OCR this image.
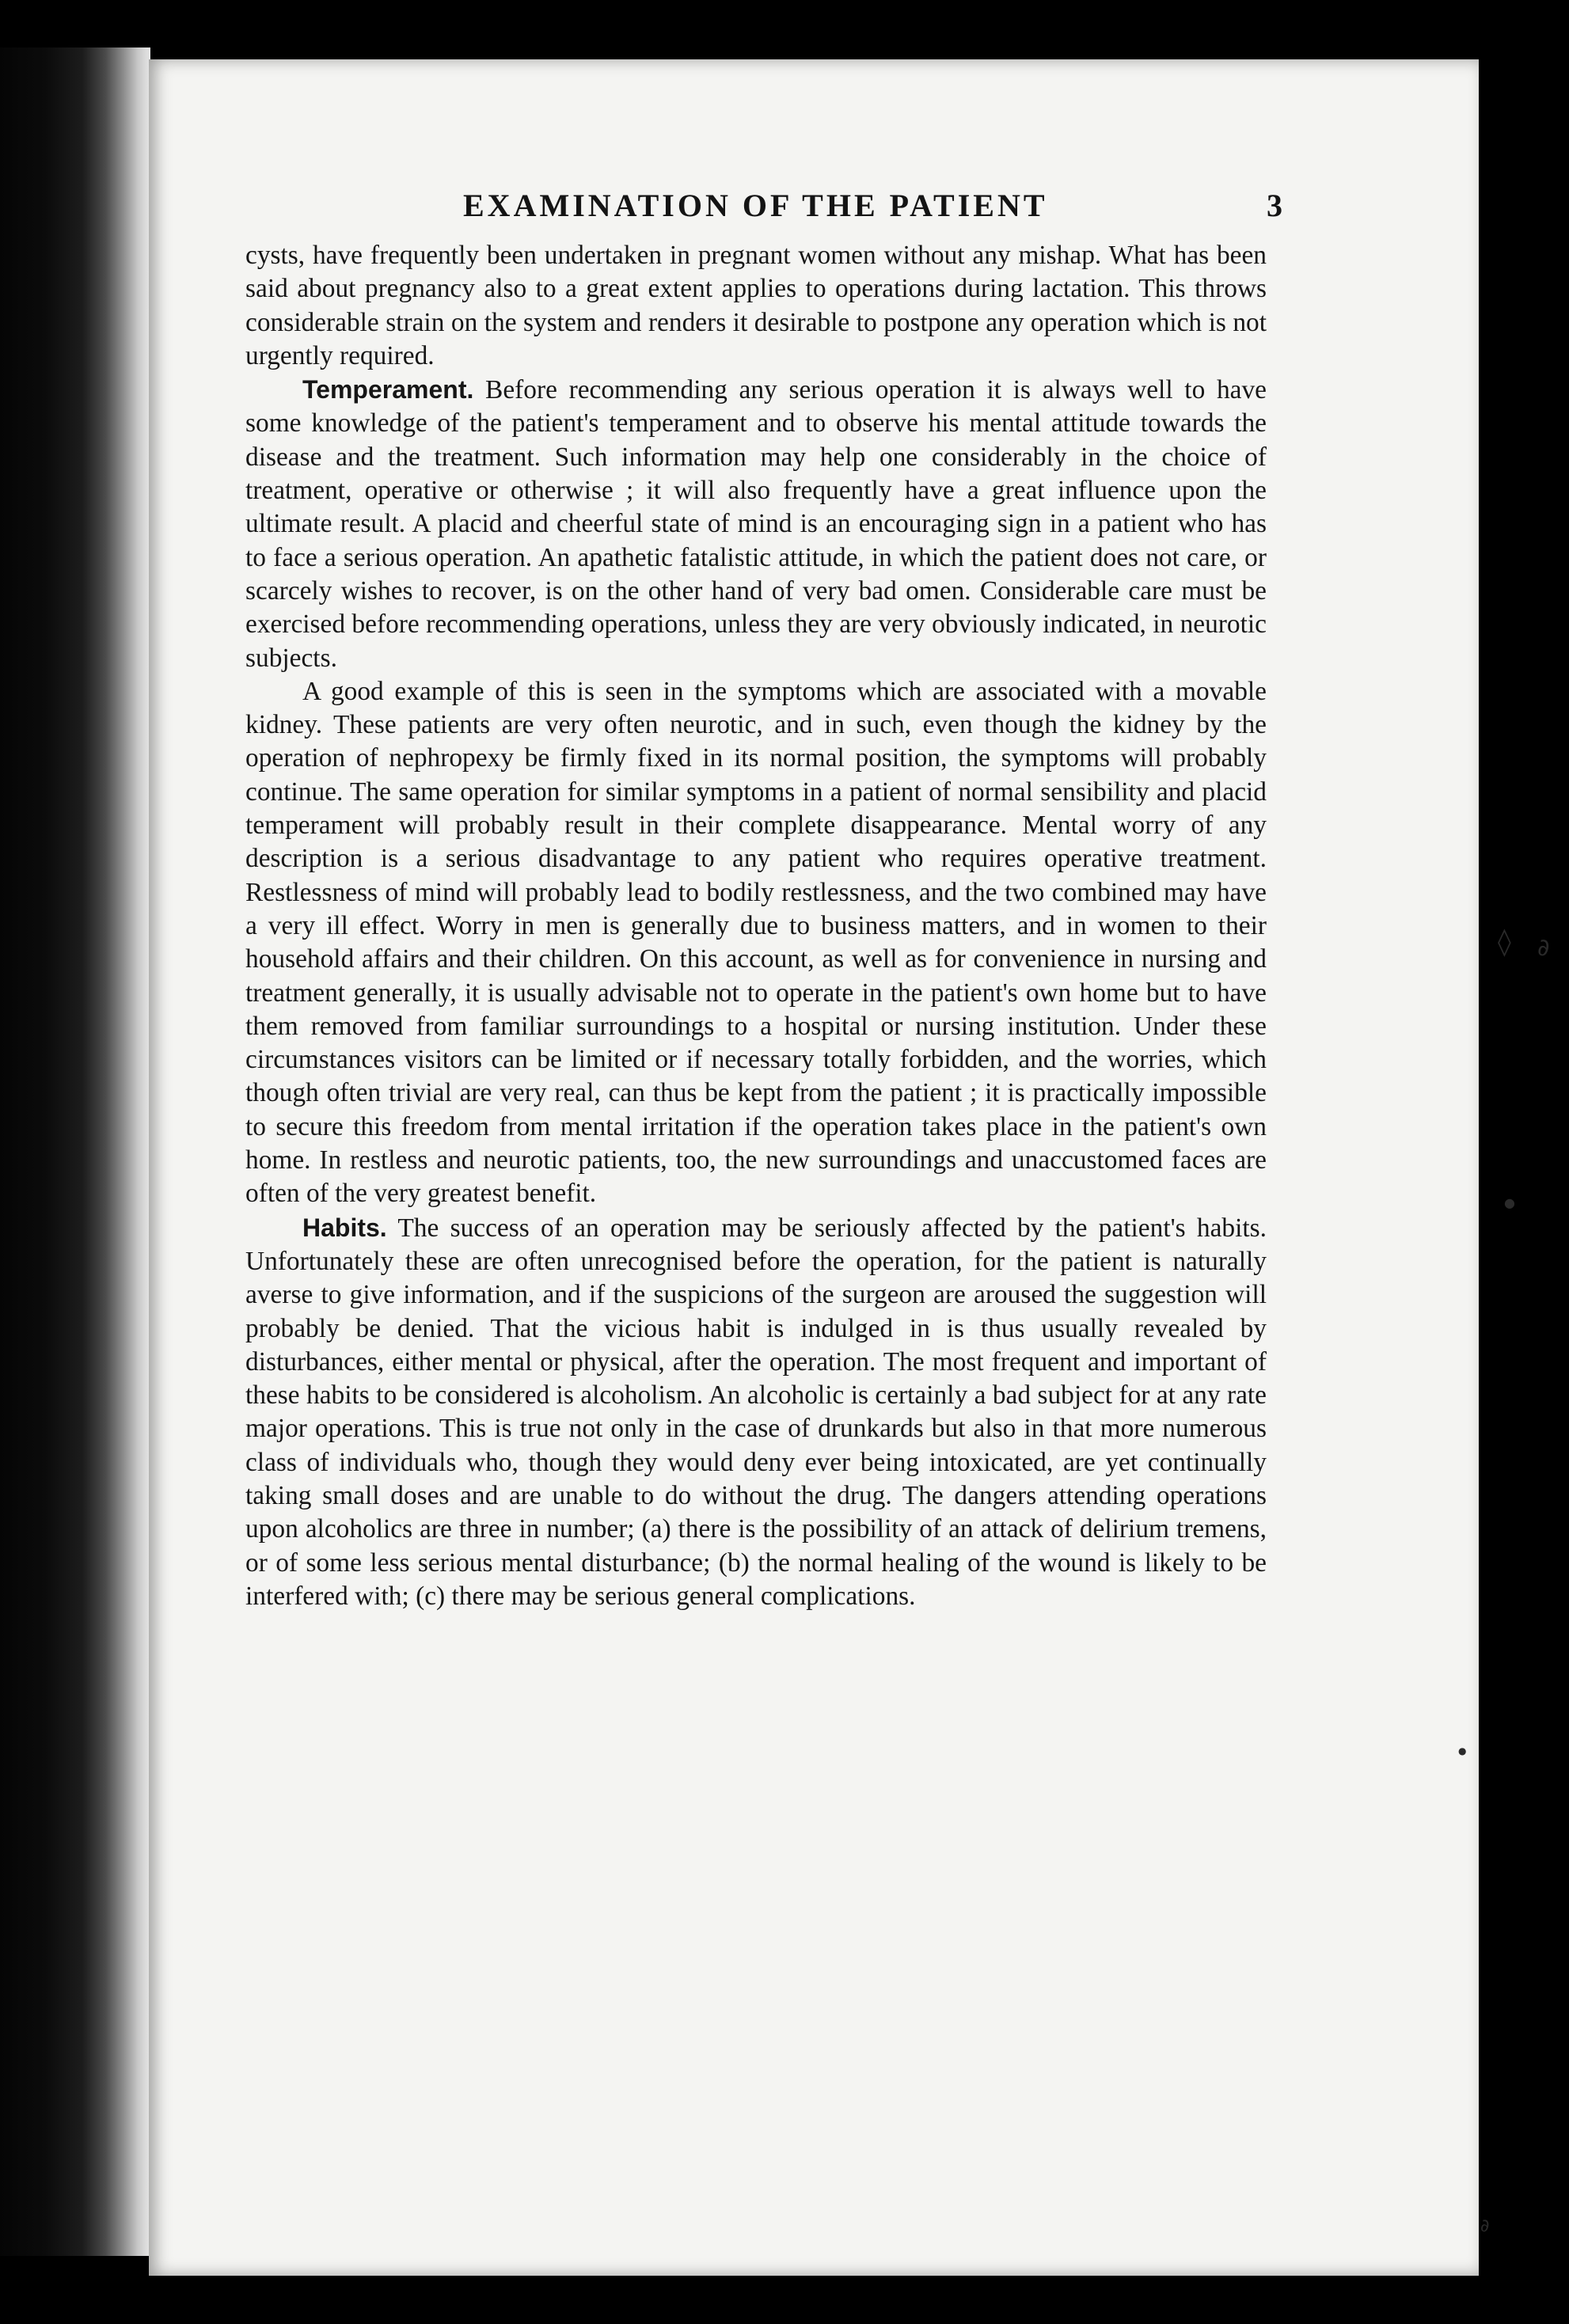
EXAMINATION OF THE PATIENT	3

cysts, have frequently been undertaken in pregnant women without any mishap. What has been said about pregnancy also to a great extent applies to operations during lactation. This throws considerable strain on the system and renders it desirable to postpone any operation which is not urgently required.

Temperament. Before recommending any serious operation it is always well to have some knowledge of the patient's temperament and to observe his mental attitude towards the disease and the treatment. Such information may help one considerably in the choice of treatment, operative or otherwise ; it will also frequently have a great influence upon the ultimate result. A placid and cheerful state of mind is an encouraging sign in a patient who has to face a serious operation. An apathetic fatalistic attitude, in which the patient does not care, or scarcely wishes to recover, is on the other hand of very bad omen. Considerable care must be exercised before recommending operations, unless they are very obviously indicated, in neurotic subjects.

A good example of this is seen in the symptoms which are associated with a movable kidney. These patients are very often neurotic, and in such, even though the kidney by the operation of nephropexy be firmly fixed in its normal position, the symptoms will probably continue. The same operation for similar symptoms in a patient of normal sensibility and placid temperament will probably result in their complete disappearance. Mental worry of any description is a serious disadvantage to any patient who requires operative treatment. Restlessness of mind will probably lead to bodily restlessness, and the two combined may have a very ill effect. Worry in men is generally due to business matters, and in women to their household affairs and their children. On this account, as well as for convenience in nursing and treatment generally, it is usually advisable not to operate in the patient's own home but to have them removed from familiar surroundings to a hospital or nursing institution. Under these circumstances visitors can be limited or if necessary totally forbidden, and the worries, which though often trivial are very real, can thus be kept from the patient ; it is practically impossible to secure this freedom from mental irritation if the operation takes place in the patient's own home. In restless and neurotic patients, too, the new surroundings and unaccustomed faces are often of the very greatest benefit.

Habits. The success of an operation may be seriously affected by the patient's habits. Unfortunately these are often unrecognised before the operation, for the patient is naturally averse to give information, and if the suspicions of the surgeon are aroused the suggestion will probably be denied. That the vicious habit is indulged in is thus usually revealed by disturbances, either mental or physical, after the operation. The most frequent and important of these habits to be considered is alcoholism. An alcoholic is certainly a bad subject for at any rate major operations. This is true not only in the case of drunkards but also in that more numerous class of individuals who, though they would deny ever being intoxicated, are yet continually taking small doses and are unable to do without the drug. The dangers attending operations upon alcoholics are three in number; (a) there is the possibility of an attack of delirium tremens, or of some less serious mental disturbance; (b) the normal healing of the wound is likely to be interfered with; (c) there may be serious general complications.

◊ ∂
●
●
∂
